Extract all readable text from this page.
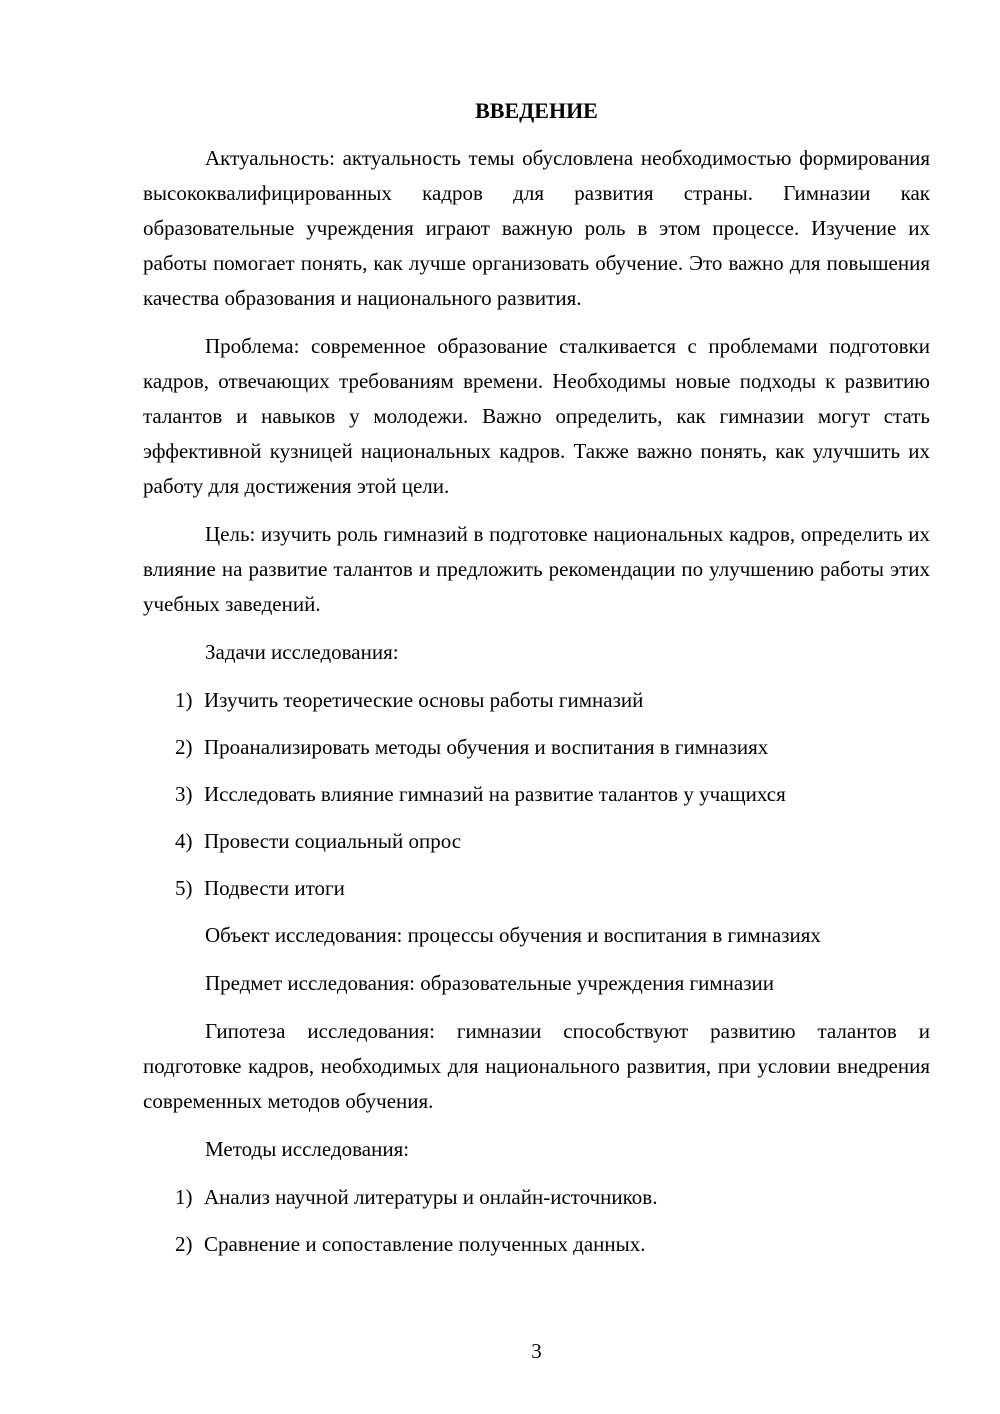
ВВЕДЕНИЕ

Актуальность: актуальность темы обусловлена необходимостью формирования высококвалифицированных кадров для развития страны. Гимназии как образовательные учреждения играют важную роль в этом процессе. Изучение их работы помогает понять, как лучше организовать обучение. Это важно для повышения качества образования и национального развития.

Проблема: современное образование сталкивается с проблемами подготовки кадров, отвечающих требованиям времени. Необходимы новые подходы к развитию талантов и навыков у молодежи. Важно определить, как гимназии могут стать эффективной кузницей национальных кадров. Также важно понять, как улучшить их работу для достижения этой цели.

Цель: изучить роль гимназий в подготовке национальных кадров, определить их влияние на развитие талантов и предложить рекомендации по улучшению работы этих учебных заведений.

Задачи исследования:

1) Изучить теоретические основы работы гимназий
2) Проанализировать методы обучения и воспитания в гимназиях
3) Исследовать влияние гимназий на развитие талантов у учащихся
4) Провести социальный опрос
5) Подвести итоги

Объект исследования: процессы обучения и воспитания в гимназиях

Предмет исследования: образовательные учреждения гимназии

Гипотеза исследования: гимназии способствуют развитию талантов и подготовке кадров, необходимых для национального развития, при условии внедрения современных методов обучения.

Методы исследования:

1) Анализ научной литературы и онлайн-источников.
2) Сравнение и сопоставление полученных данных.
3
